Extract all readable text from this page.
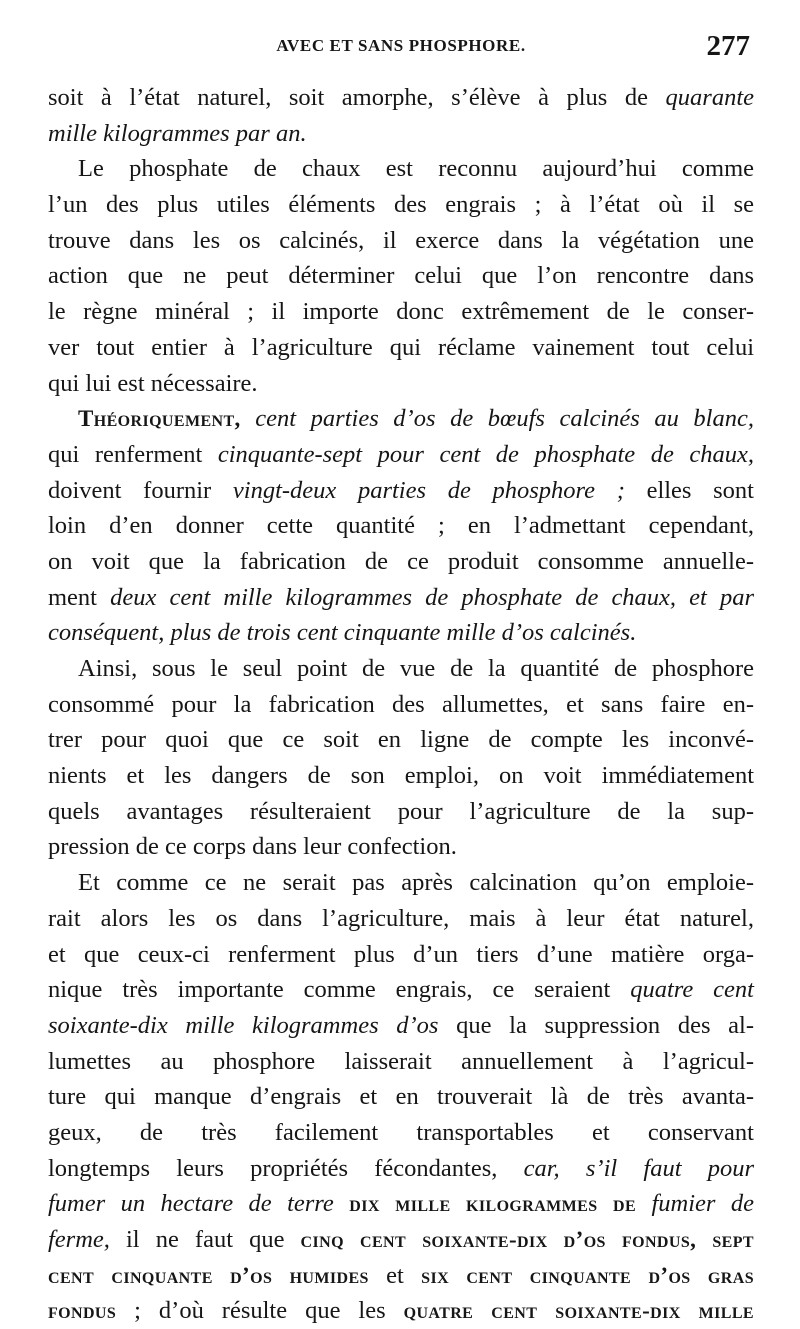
AVEC ET SANS PHOSPHORE.	277
soit à l’état naturel, soit amorphe, s’élève à plus de quarante
mille kilogrammes par an.
Le phosphate de chaux est reconnu aujourd’hui comme
l’un des plus utiles éléments des engrais ; à l’état où il se
trouve dans les os calcinés, il exerce dans la végétation une
action que ne peut déterminer celui que l’on rencontre dans
le règne minéral ; il importe donc extrêmement de le conser-
ver tout entier à l’agriculture qui réclame vainement tout celui
qui lui est nécessaire.
Théoriquement, cent parties d’os de bœufs calcinés au blanc,
qui renferment cinquante-sept pour cent de phosphate de chaux,
doivent fournir vingt-deux parties de phosphore ; elles sont
loin d’en donner cette quantité ; en l’admettant cependant,
on voit que la fabrication de ce produit consomme annuelle-
ment deux cent mille kilogrammes de phosphate de chaux, et par
conséquent, plus de trois cent cinquante mille d’os calcinés.
Ainsi, sous le seul point de vue de la quantité de phosphore
consommé pour la fabrication des allumettes, et sans faire en-
trer pour quoi que ce soit en ligne de compte les inconvé-
nients et les dangers de son emploi, on voit immédiatement
quels avantages résulteraient pour l’agriculture de la sup-
pression de ce corps dans leur confection.
Et comme ce ne serait pas après calcination qu’on emploie-
rait alors les os dans l’agriculture, mais à leur état naturel,
et que ceux-ci renferment plus d’un tiers d’une matière orga-
nique très importante comme engrais, ce seraient quatre cent
soixante-dix mille kilogrammes d’os que la suppression des al-
lumettes au phosphore laisserait annuellement à l’agricul-
ture qui manque d’engrais et en trouverait là de très avanta-
geux, de très facilement transportables et conservant
longtemps leurs propriétés fécondantes, car, s’il faut pour
fumer un hectare de terre dix mille kilogrammes de fumier de
ferme, il ne faut que cinq cent soixante-dix d’os fondus, sept
cent cinquante d’os humides et six cent cinquante d’os gras
fondus ; d’où résulte que les quatre cent soixante-dix mille
